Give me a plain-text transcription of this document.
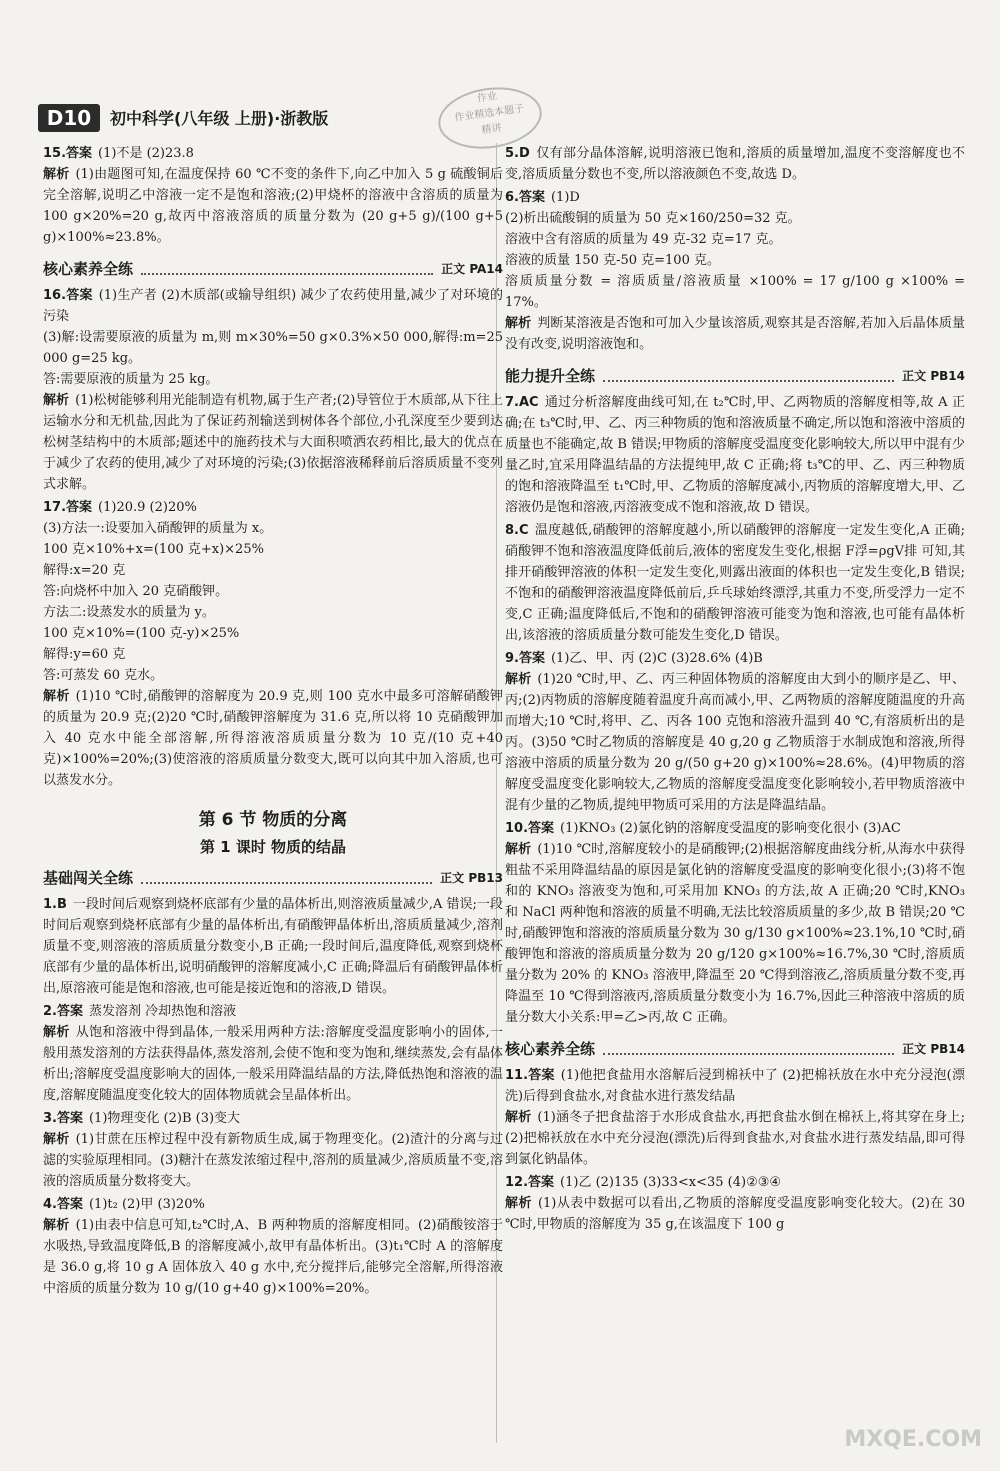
D10	初中科学(八年级 上册)·浙教版
作业
作业精选本题子
精讲

15.答案 (1)不是 (2)23.8

解析 (1)由题图可知,在温度保持 60 ℃不变的条件下,向乙中加入 5 g 硫酸铜后完全溶解,说明乙中溶液一定不是饱和溶液;(2)甲烧杯的溶液中含溶质的质量为100 g×20%=20 g,故丙中溶液溶质的质量分数为 (20 g+5 g)/(100 g+5 g)×100%≈23.8%。

核心素养全练	正文 PA14

16.答案 (1)生产者 (2)木质部(或输导组织) 减少了农药使用量,减少了对环境的污染

(3)解:设需要原液的质量为 m,则 m×30%=50 g×0.3%×50 000,解得:m=25 000 g=25 kg。

答:需要原液的质量为 25 kg。

解析 (1)松树能够利用光能制造有机物,属于生产者;(2)导管位于木质部,从下往上运输水分和无机盐,因此为了保证药剂输送到树体各个部位,小孔深度至少要到达松树茎结构中的木质部;题述中的施药技术与大面积喷洒农药相比,最大的优点在于减少了农药的使用,减少了对环境的污染;(3)依据溶液稀释前后溶质质量不变列式求解。

17.答案 (1)20.9 (2)20%

(3)方法一:设要加入硝酸钾的质量为 x。

100 克×10%+x=(100 克+x)×25%

解得:x=20 克

答:向烧杯中加入 20 克硝酸钾。

方法二:设蒸发水的质量为 y。

100 克×10%=(100 克-y)×25%

解得:y=60 克

答:可蒸发 60 克水。

解析 (1)10 ℃时,硝酸钾的溶解度为 20.9 克,则 100 克水中最多可溶解硝酸钾的质量为 20.9 克;(2)20 ℃时,硝酸钾溶解度为 31.6 克,所以将 10 克硝酸钾加入 40 克水中能全部溶解,所得溶液溶质质量分数为 10 克/(10 克+40 克)×100%=20%;(3)使溶液的溶质质量分数变大,既可以向其中加入溶质,也可以蒸发水分。

第 6 节 物质的分离
第 1 课时 物质的结晶
基础闯关全练	正文 PB13

1.B 一段时间后观察到烧杯底部有少量的晶体析出,则溶液质量减少,A 错误;一段时间后观察到烧杯底部有少量的晶体析出,有硝酸钾晶体析出,溶质质量减少,溶剂质量不变,则溶液的溶质质量分数变小,B 正确;一段时间后,温度降低,观察到烧杯底部有少量的晶体析出,说明硝酸钾的溶解度减小,C 正确;降温后有硝酸钾晶体析出,原溶液可能是饱和溶液,也可能是接近饱和的溶液,D 错误。

2.答案 蒸发溶剂 冷却热饱和溶液

解析 从饱和溶液中得到晶体,一般采用两种方法:溶解度受温度影响小的固体,一般用蒸发溶剂的方法获得晶体,蒸发溶剂,会使不饱和变为饱和,继续蒸发,会有晶体析出;溶解度受温度影响大的固体,一般采用降温结晶的方法,降低热饱和溶液的温度,溶解度随温度变化较大的固体物质就会呈晶体析出。

3.答案 (1)物理变化 (2)B (3)变大

解析 (1)甘蔗在压榨过程中没有新物质生成,属于物理变化。(2)渣汁的分离与过滤的实验原理相同。(3)糖汁在蒸发浓缩过程中,溶剂的质量减少,溶质质量不变,溶液的溶质质量分数将变大。

4.答案 (1)t₂ (2)甲 (3)20%

解析 (1)由表中信息可知,t₂℃时,A、B 两种物质的溶解度相同。(2)硝酸铵溶于水吸热,导致温度降低,B 的溶解度减小,故甲有晶体析出。(3)t₁℃时 A 的溶解度是 36.0 g,将 10 g A 固体放入 40 g 水中,充分搅拌后,能够完全溶解,所得溶液中溶质的质量分数为 10 g/(10 g+40 g)×100%=20%。

5.D 仅有部分晶体溶解,说明溶液已饱和,溶质的质量增加,温度不变溶解度也不变,溶质质量分数也不变,所以溶液颜色不变,故选 D。

6.答案 (1)D

(2)析出硫酸铜的质量为 50 克×160/250=32 克。

溶液中含有溶质的质量为 49 克-32 克=17 克。

溶液的质量 150 克-50 克=100 克。

溶质质量分数 = 溶质质量/溶液质量 ×100% = 17 g/100 g ×100% = 17%。

解析 判断某溶液是否饱和可加入少量该溶质,观察其是否溶解,若加入后晶体质量没有改变,说明溶液饱和。

能力提升全练	正文 PB14

7.AC 通过分析溶解度曲线可知,在 t₂℃时,甲、乙两物质的溶解度相等,故 A 正确;在 t₃℃时,甲、乙、丙三种物质的饱和溶液质量不确定,所以饱和溶液中溶质的质量也不能确定,故 B 错误;甲物质的溶解度受温度变化影响较大,所以甲中混有少量乙时,宜采用降温结晶的方法提纯甲,故 C 正确;将 t₃℃的甲、乙、丙三种物质的饱和溶液降温至 t₁℃时,甲、乙物质的溶解度减小,丙物质的溶解度增大,甲、乙溶液仍是饱和溶液,丙溶液变成不饱和溶液,故 D 错误。

8.C 温度越低,硝酸钾的溶解度越小,所以硝酸钾的溶解度一定发生变化,A 正确;硝酸钾不饱和溶液温度降低前后,液体的密度发生变化,根据 F浮=ρgV排 可知,其排开硝酸钾溶液的体积一定发生变化,则露出液面的体积也一定发生变化,B 错误;不饱和的硝酸钾溶液温度降低前后,乒乓球始终漂浮,其重力不变,所受浮力一定不变,C 正确;温度降低后,不饱和的硝酸钾溶液可能变为饱和溶液,也可能有晶体析出,该溶液的溶质质量分数可能发生变化,D 错误。

9.答案 (1)乙、甲、丙 (2)C (3)28.6% (4)B

解析 (1)20 ℃时,甲、乙、丙三种固体物质的溶解度由大到小的顺序是乙、甲、丙;(2)丙物质的溶解度随着温度升高而减小,甲、乙两物质的溶解度随温度的升高而增大;10 ℃时,将甲、乙、丙各 100 克饱和溶液升温到 40 ℃,有溶质析出的是丙。(3)50 ℃时乙物质的溶解度是 40 g,20 g 乙物质溶于水制成饱和溶液,所得溶液中溶质的质量分数为 20 g/(50 g+20 g)×100%≈28.6%。(4)甲物质的溶解度受温度变化影响较大,乙物质的溶解度受温度变化影响较小,若甲物质溶液中混有少量的乙物质,提纯甲物质可采用的方法是降温结晶。

10.答案 (1)KNO₃ (2)氯化钠的溶解度受温度的影响变化很小 (3)AC

解析 (1)10 ℃时,溶解度较小的是硝酸钾;(2)根据溶解度曲线分析,从海水中获得粗盐不采用降温结晶的原因是氯化钠的溶解度受温度的影响变化很小;(3)将不饱和的 KNO₃ 溶液变为饱和,可采用加 KNO₃ 的方法,故 A 正确;20 ℃时,KNO₃ 和 NaCl 两种饱和溶液的质量不明确,无法比较溶质质量的多少,故 B 错误;20 ℃时,硝酸钾饱和溶液的溶质质量分数为 30 g/130 g×100%≈23.1%,10 ℃时,硝酸钾饱和溶液的溶质质量分数为 20 g/120 g×100%≈16.7%,30 ℃时,溶质质量分数为 20% 的 KNO₃ 溶液甲,降温至 20 ℃得到溶液乙,溶质质量分数不变,再降温至 10 ℃得到溶液丙,溶质质量分数变小为 16.7%,因此三种溶液中溶质的质量分数大小关系:甲=乙>丙,故 C 正确。

核心素养全练	正文 PB14

11.答案 (1)他把食盐用水溶解后浸到棉袄中了 (2)把棉袄放在水中充分浸泡(漂洗)后得到食盐水,对食盐水进行蒸发结晶

解析 (1)涵冬子把食盐溶于水形成食盐水,再把食盐水倒在棉袄上,将其穿在身上;(2)把棉袄放在水中充分浸泡(漂洗)后得到食盐水,对食盐水进行蒸发结晶,即可得到氯化钠晶体。

12.答案 (1)乙 (2)135 (3)33<x<35 (4)②③④

解析 (1)从表中数据可以看出,乙物质的溶解度受温度影响变化较大。(2)在 30 ℃时,甲物质的溶解度为 35 g,在该温度下 100 g

MXQE.COM
